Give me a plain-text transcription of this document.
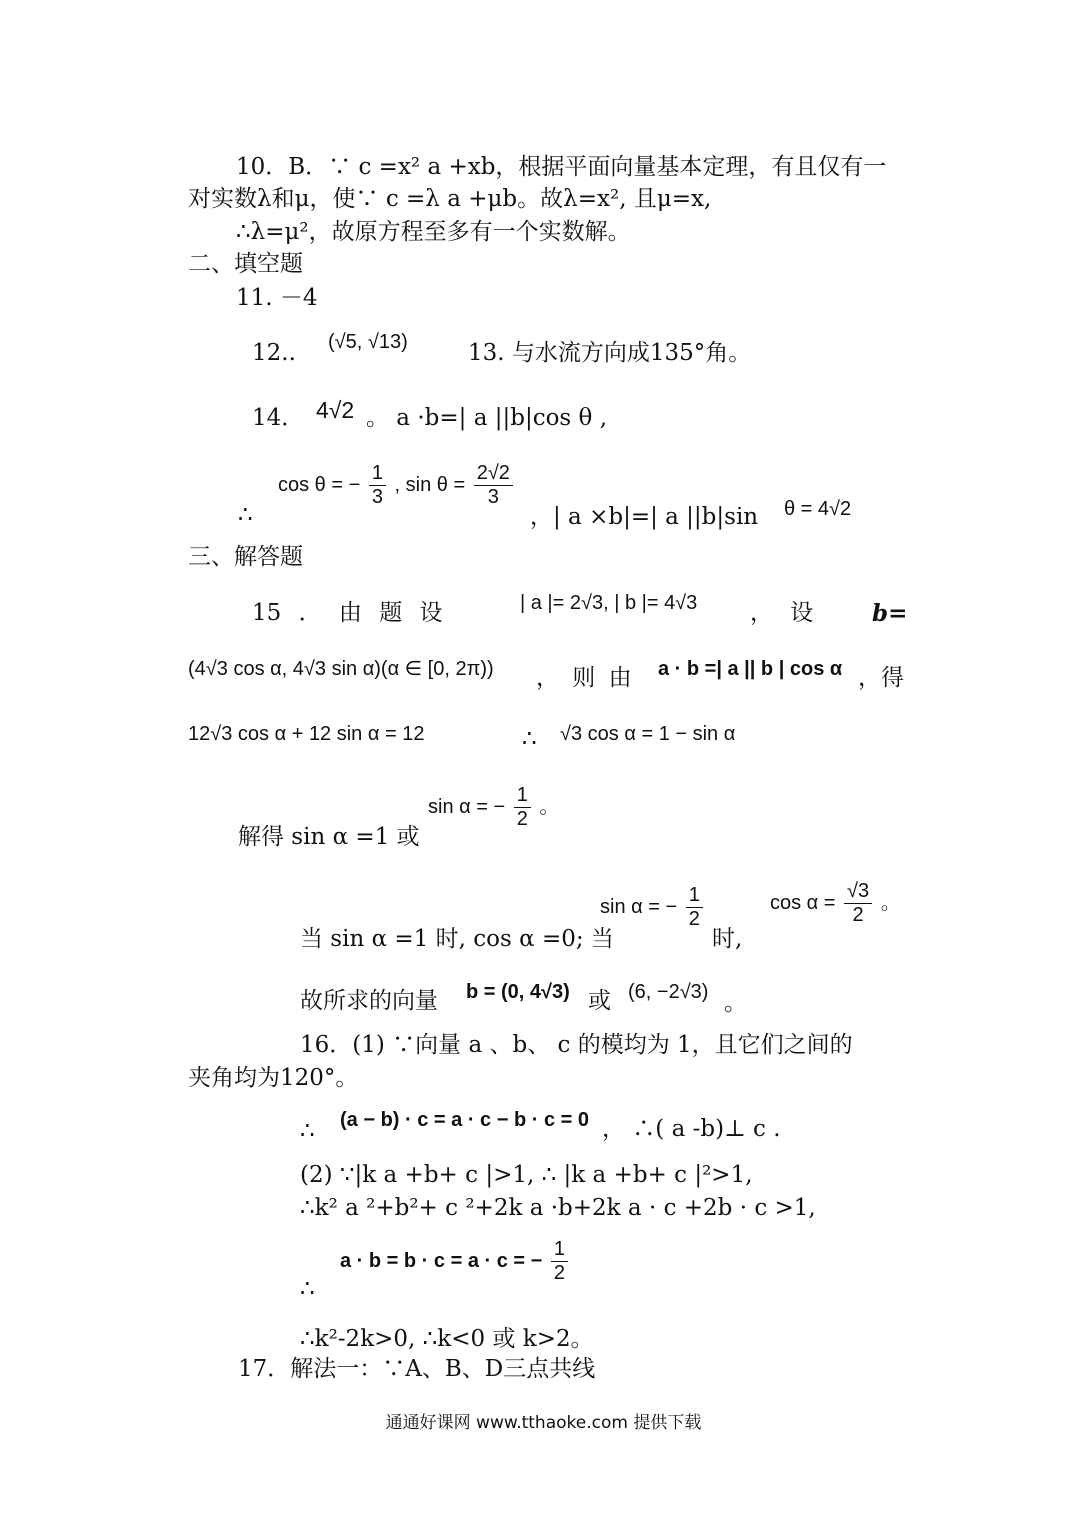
10．B．∵ c =x² a +xb，根据平面向量基本定理，有且仅有一
对实数λ和μ，使∵ c =λ a +μb。故λ=x², 且μ=x,
∴λ=μ²，故原方程至多有一个实数解。
二、填空题
11. －4
12.. (√5, √13)	13. 与水流方向成135°角。
14． 4√2 。 a ·b=| a ||b|cos θ ,
∴
cos θ = − $\frac{1}{3}$ , $\sin \theta = \frac{2√2}{3}$
，| a ×b|=| a ||b|sin θ = 4√2
三、解答题
15 ． 由 题 设	| a |= 2√3, | b |= 4√3 ， 设	b=
(4√3 cos α, 4√3 sin α)(α ∈ [0, 2π)) ， 则 由 a · b =| a || b | cos α ，得
12√3 cos α + 12 sin α = 12	∴ √3 cos α = 1 − sin α
解得 sin α =1 或
sin α = − $\frac{1}{2}$ 。
当 sin α =1 时, cos α =0; 当
sin α = − $\frac{1}{2}$
时,
$\cos \alpha = \frac{√3}{2}$ 。
故所求的向量 b = (0, 4√3) 或 (6, −2√3) 。
16．(1) ∵向量 a 、b、 c 的模均为 1，且它们之间的
夹角均为120°。
∴ (a − b) · c = a · c − b · c = 0 ， ∴( a -b)⊥ c .
(2) ∵|k a +b+ c |>1, ∴ |k a +b+ c |²>1,
∴k² a ²+b²+ c ²+2k a ·b+2k a · c +2b · c >1,
∴
a · b = b · c = a · c = − $\frac{1}{2}$
∴k²-2k>0, ∴k<0 或 k>2。
17．解法一：∵A、B、D三点共线
通通好课网 www.tthaoke.com 提供下载
